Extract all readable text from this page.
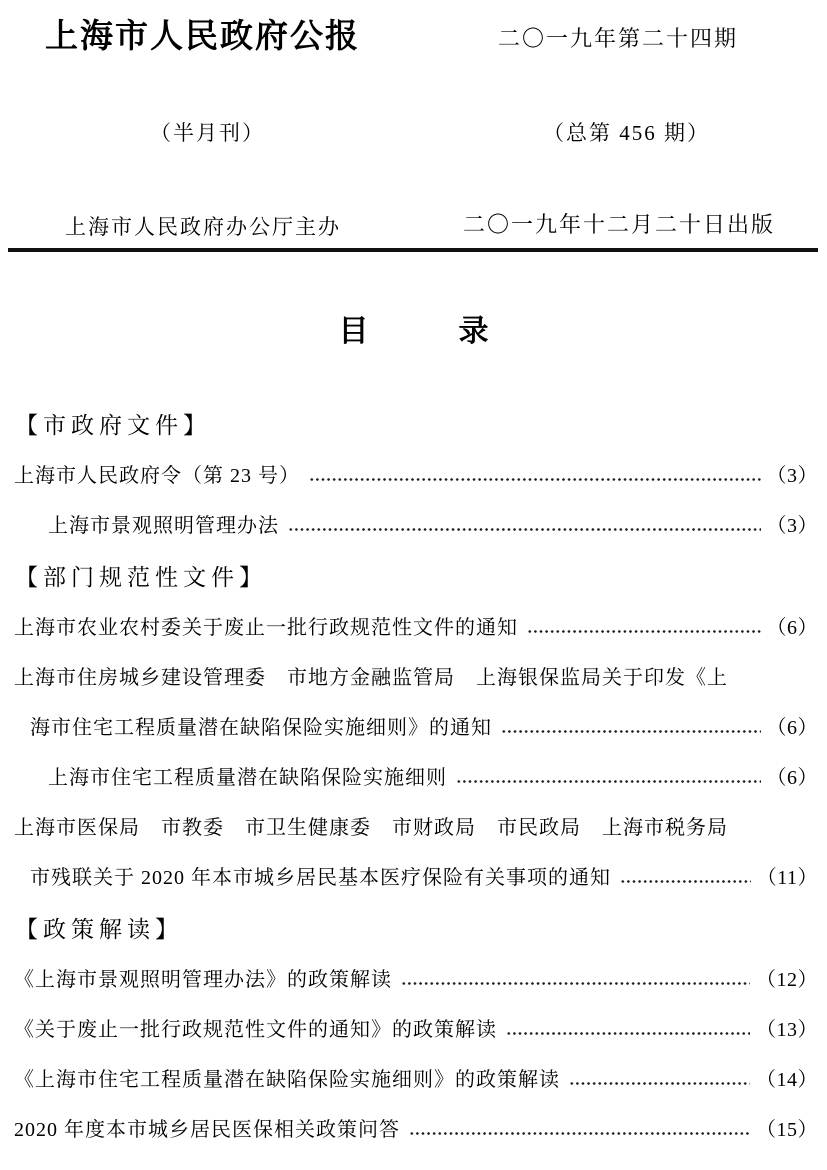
上海市人民政府公报	二〇一九年第二十四期
（半月刊）	（总第 456 期）
上海市人民政府办公厅主办	二〇一九年十二月二十日出版
目　　　录
【市政府文件】
上海市人民政府令（第 23 号）	（3）
上海市景观照明管理办法	（3）
【部门规范性文件】
上海市农业农村委关于废止一批行政规范性文件的通知	（6）
上海市住房城乡建设管理委　市地方金融监管局　上海银保监局关于印发《上
海市住宅工程质量潜在缺陷保险实施细则》的通知	（6）
上海市住宅工程质量潜在缺陷保险实施细则	（6）
上海市医保局　市教委　市卫生健康委　市财政局　市民政局　上海市税务局
市残联关于 2020 年本市城乡居民基本医疗保险有关事项的通知	（11）
【政策解读】
《上海市景观照明管理办法》的政策解读	（12）
《关于废止一批行政规范性文件的通知》的政策解读	（13）
《上海市住宅工程质量潜在缺陷保险实施细则》的政策解读	（14）
2020 年度本市城乡居民医保相关政策问答	（15）
